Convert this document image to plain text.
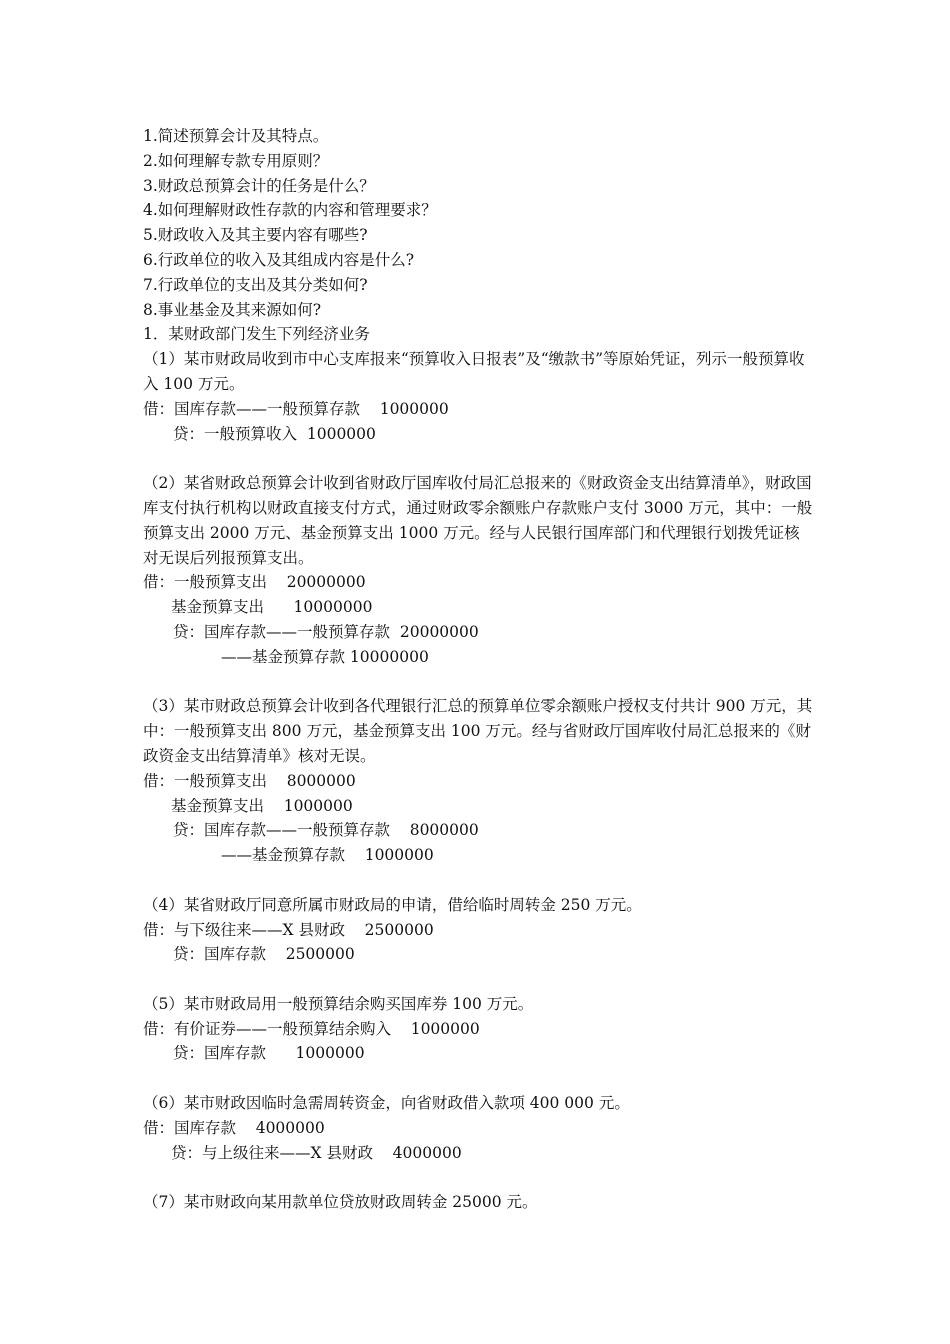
1.简述预算会计及其特点。
2.如何理解专款专用原则？
3.财政总预算会计的任务是什么？
4.如何理解财政性存款的内容和管理要求？
5.财政收入及其主要内容有哪些?
6.行政单位的收入及其组成内容是什么?
7.行政单位的支出及其分类如何?
8.事业基金及其来源如何?
1．某财政部门发生下列经济业务
（1）某市财政局收到市中心支库报来“预算收入日报表”及“缴款书”等原始凭证，列示一般预算收入 100 万元。
借：国库存款——一般预算存款    1000000
贷：一般预算收入  1000000
（2）某省财政总预算会计收到省财政厅国库收付局汇总报来的《财政资金支出结算清单》，财政国库支付执行机构以财政直接支付方式，通过财政零余额账户存款账户支付 3000 万元，其中：一般预算支出 2000 万元、基金预算支出 1000 万元。经与人民银行国库部门和代理银行划拨凭证核对无误后列报预算支出。
借：一般预算支出    20000000
基金预算支出      10000000
贷：国库存款——一般预算存款  20000000
——基金预算存款 10000000
（3）某市财政总预算会计收到各代理银行汇总的预算单位零余额账户授权支付共计 900 万元，其中：一般预算支出 800 万元，基金预算支出 100 万元。经与省财政厅国库收付局汇总报来的《财政资金支出结算清单》核对无误。
借：一般预算支出    8000000
基金预算支出    1000000
贷：国库存款——一般预算存款    8000000
——基金预算存款    1000000
（4）某省财政厅同意所属市财政局的申请，借给临时周转金 250 万元。
借：与下级往来——X 县财政    2500000
贷：国库存款    2500000
（5）某市财政局用一般预算结余购买国库券 100 万元。
借：有价证券——一般预算结余购入    1000000
贷：国库存款      1000000
（6）某市财政因临时急需周转资金，向省财政借入款项 400 000 元。
借：国库存款    4000000
贷：与上级往来——X 县财政    4000000
（7）某市财政向某用款单位贷放财政周转金 25000 元。
